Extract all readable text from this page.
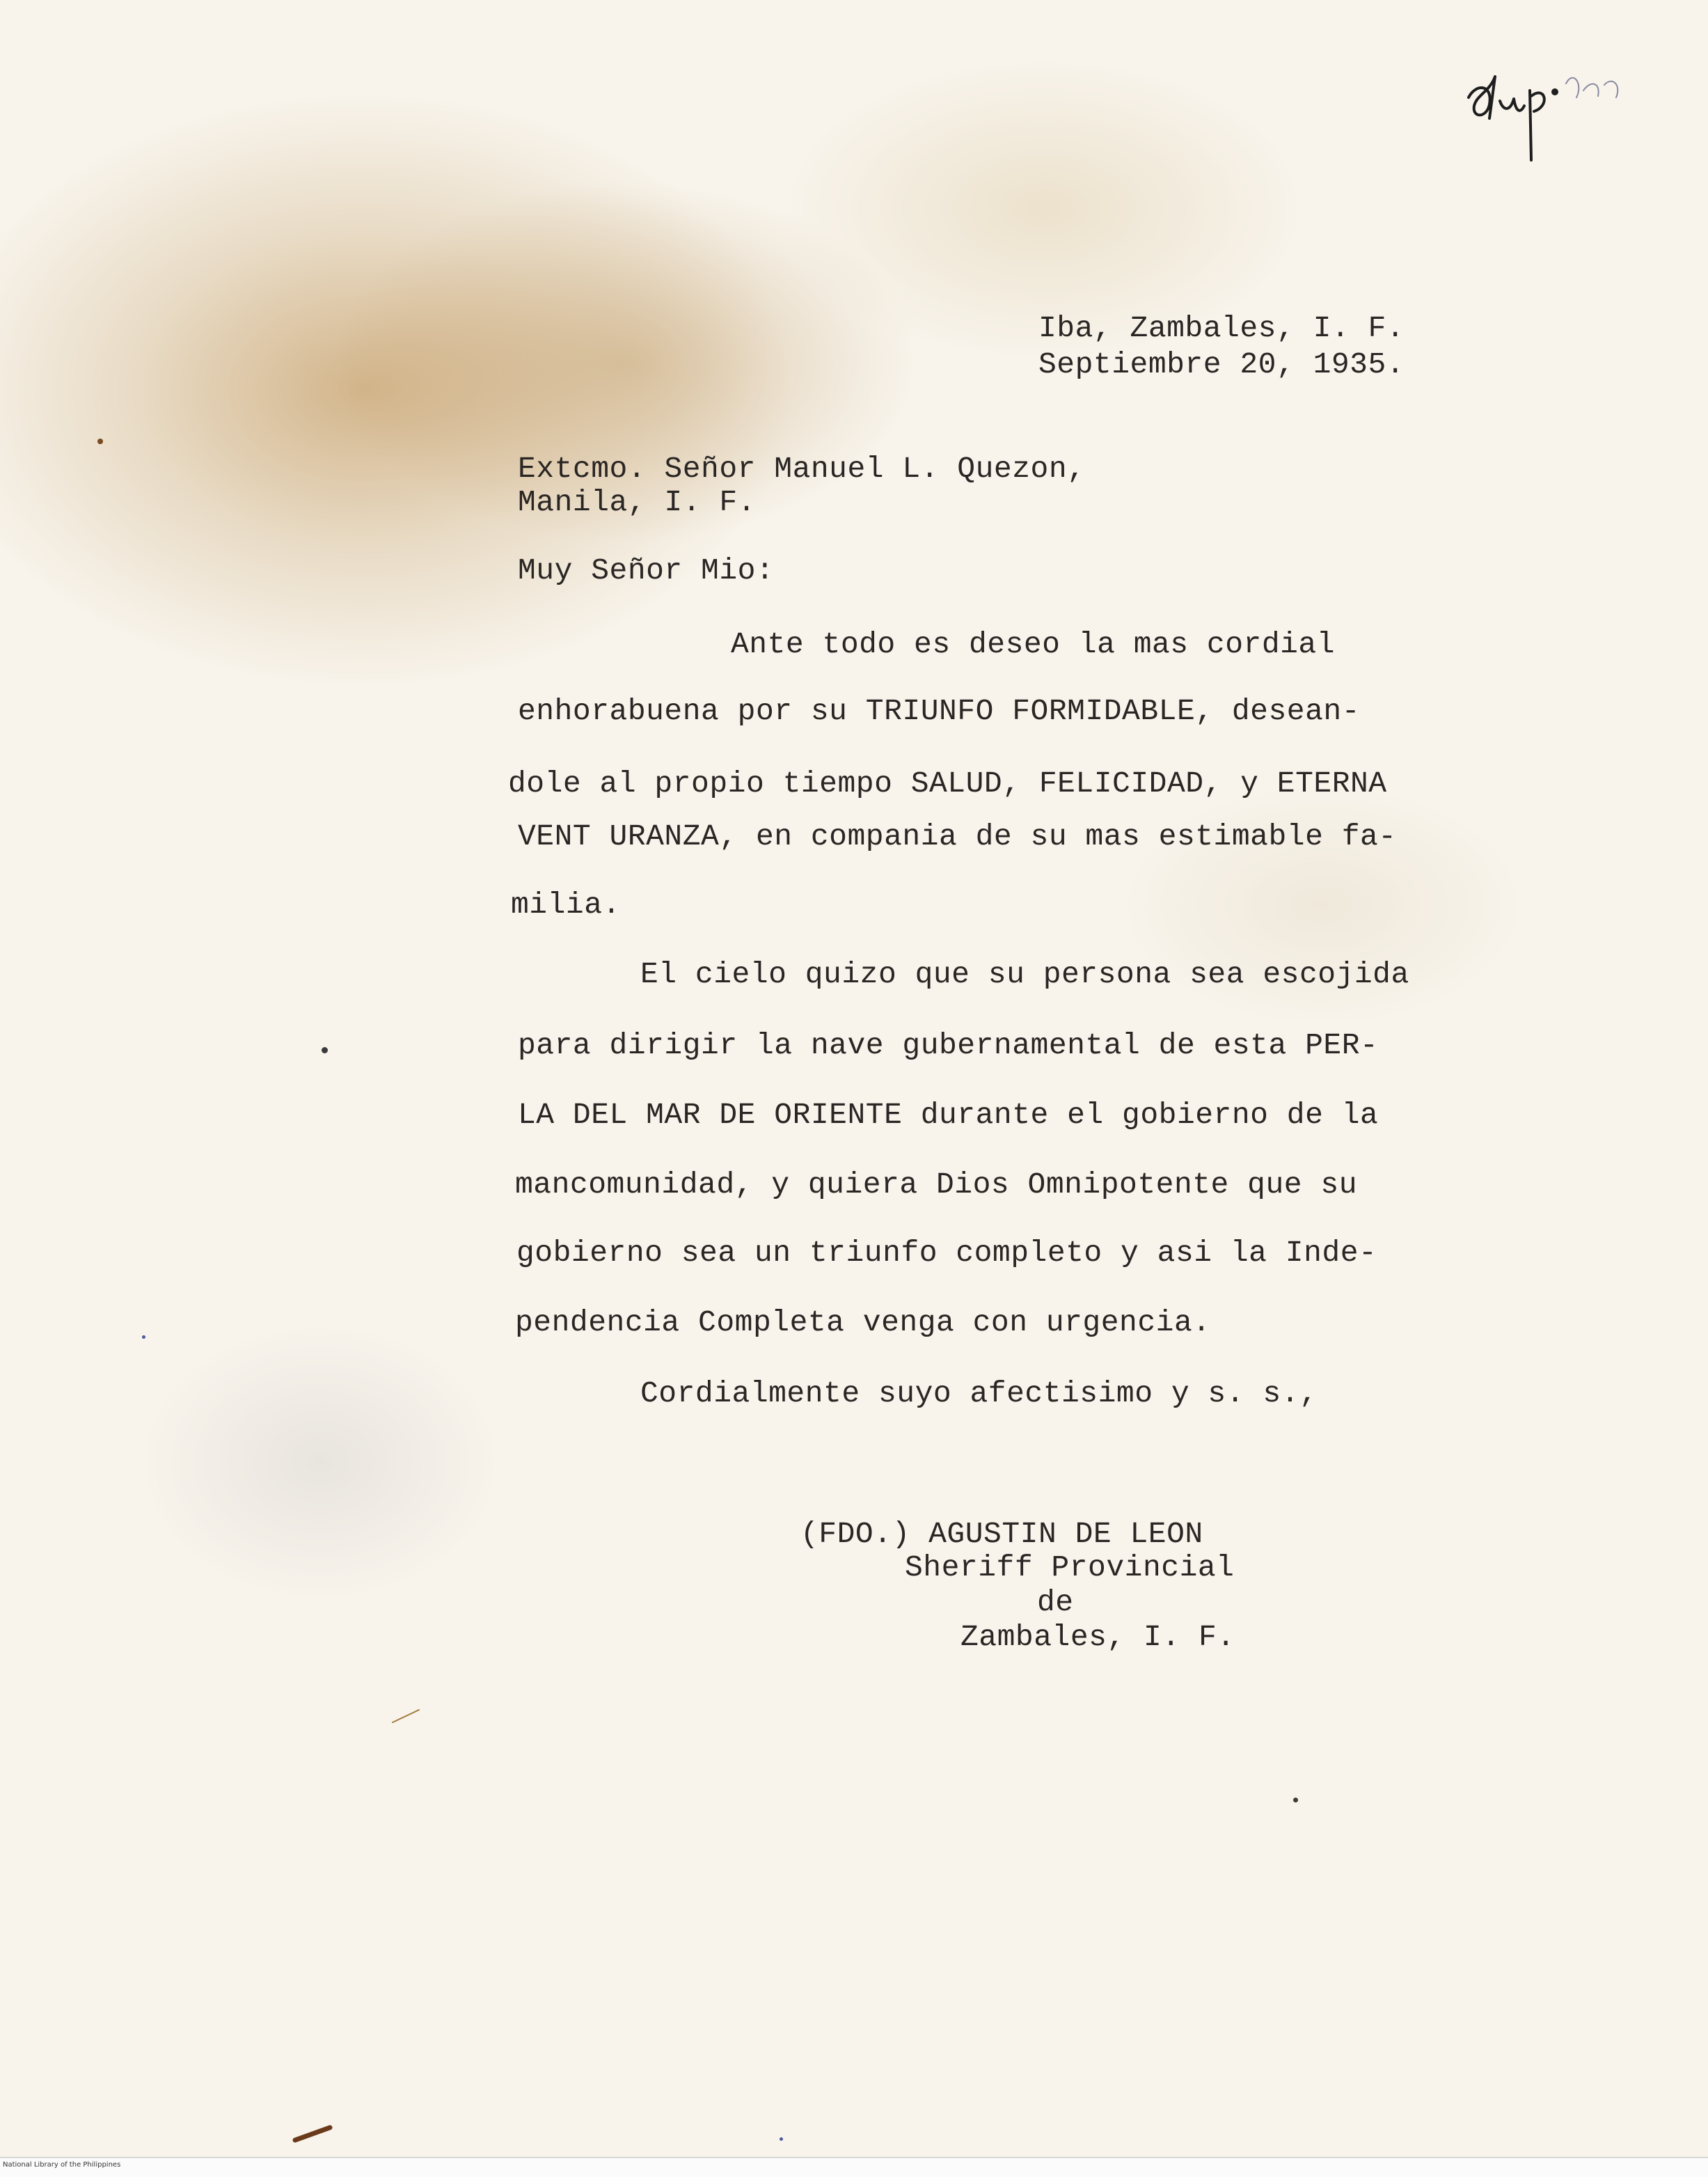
Iba, Zambales, I. F.
Septiembre 20, 1935.
Extcmo. Señor Manuel L. Quezon,
Manila, I. F.
Muy Señor Mio:
Ante todo es deseo la mas cordial
enhorabuena por su TRIUNFO FORMIDABLE, desean-
dole al propio tiempo SALUD, FELICIDAD, y ETERNA
VENT URANZA, en compania de su mas estimable fa-
milia.
El cielo quizo que su persona sea escojida
para dirigir la nave gubernamental de esta PER-
LA DEL MAR DE ORIENTE durante el gobierno de la
mancomunidad, y quiera Dios Omnipotente que su
gobierno sea un triunfo completo y asi la Inde-
pendencia Completa venga con urgencia.
Cordialmente suyo afectisimo y s. s.,
(FDO.) AGUSTIN DE LEON
Sheriff Provincial
de
Zambales, I. F.
National Library of the Philippines
